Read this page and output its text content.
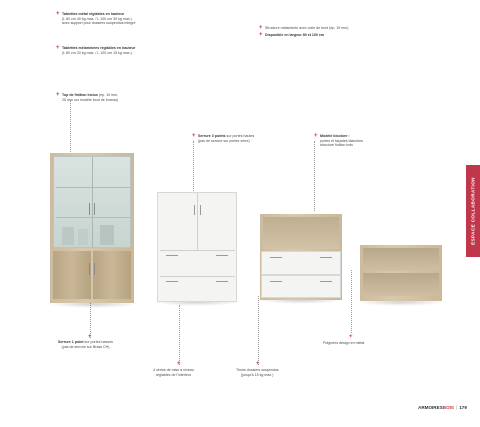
+ Tablettes métal réglables en hauteur
(L 80 cm 40 kg max. / L 100 cm 30 kg max.)
avec support pour dossiers suspendus intégré
+ Tablettes mélaminées réglables en hauteur
(L 80 cm 20 kg max. / L 100 cm 15 kg max.)
+ Top de finition inclus (ép. 10 mm,
25 mm sur modèle bout de bureau)
+ Structure mélaminée avec voile de fond (ép. 19 mm)
+ Disponible en largeur 80 et 100 cm
+ Serrure 3 points sur portes hautes
(pas de serrure sur portes verre)
+ Modèle bicolore :
portes et façades blanches
structure finition bois
+
Serrure 1 point sur portes basses
(pas de serrure sur Brass CH)
+
4 vérins de mise à niveau
réglables de l'intérieur
+
Tiroirs dossiers suspendus
(jusqu'à 15 kg max.)
+
Poignées design en métal
ESPACE COLLABORATION
ARMOIRESBOIS | 179
